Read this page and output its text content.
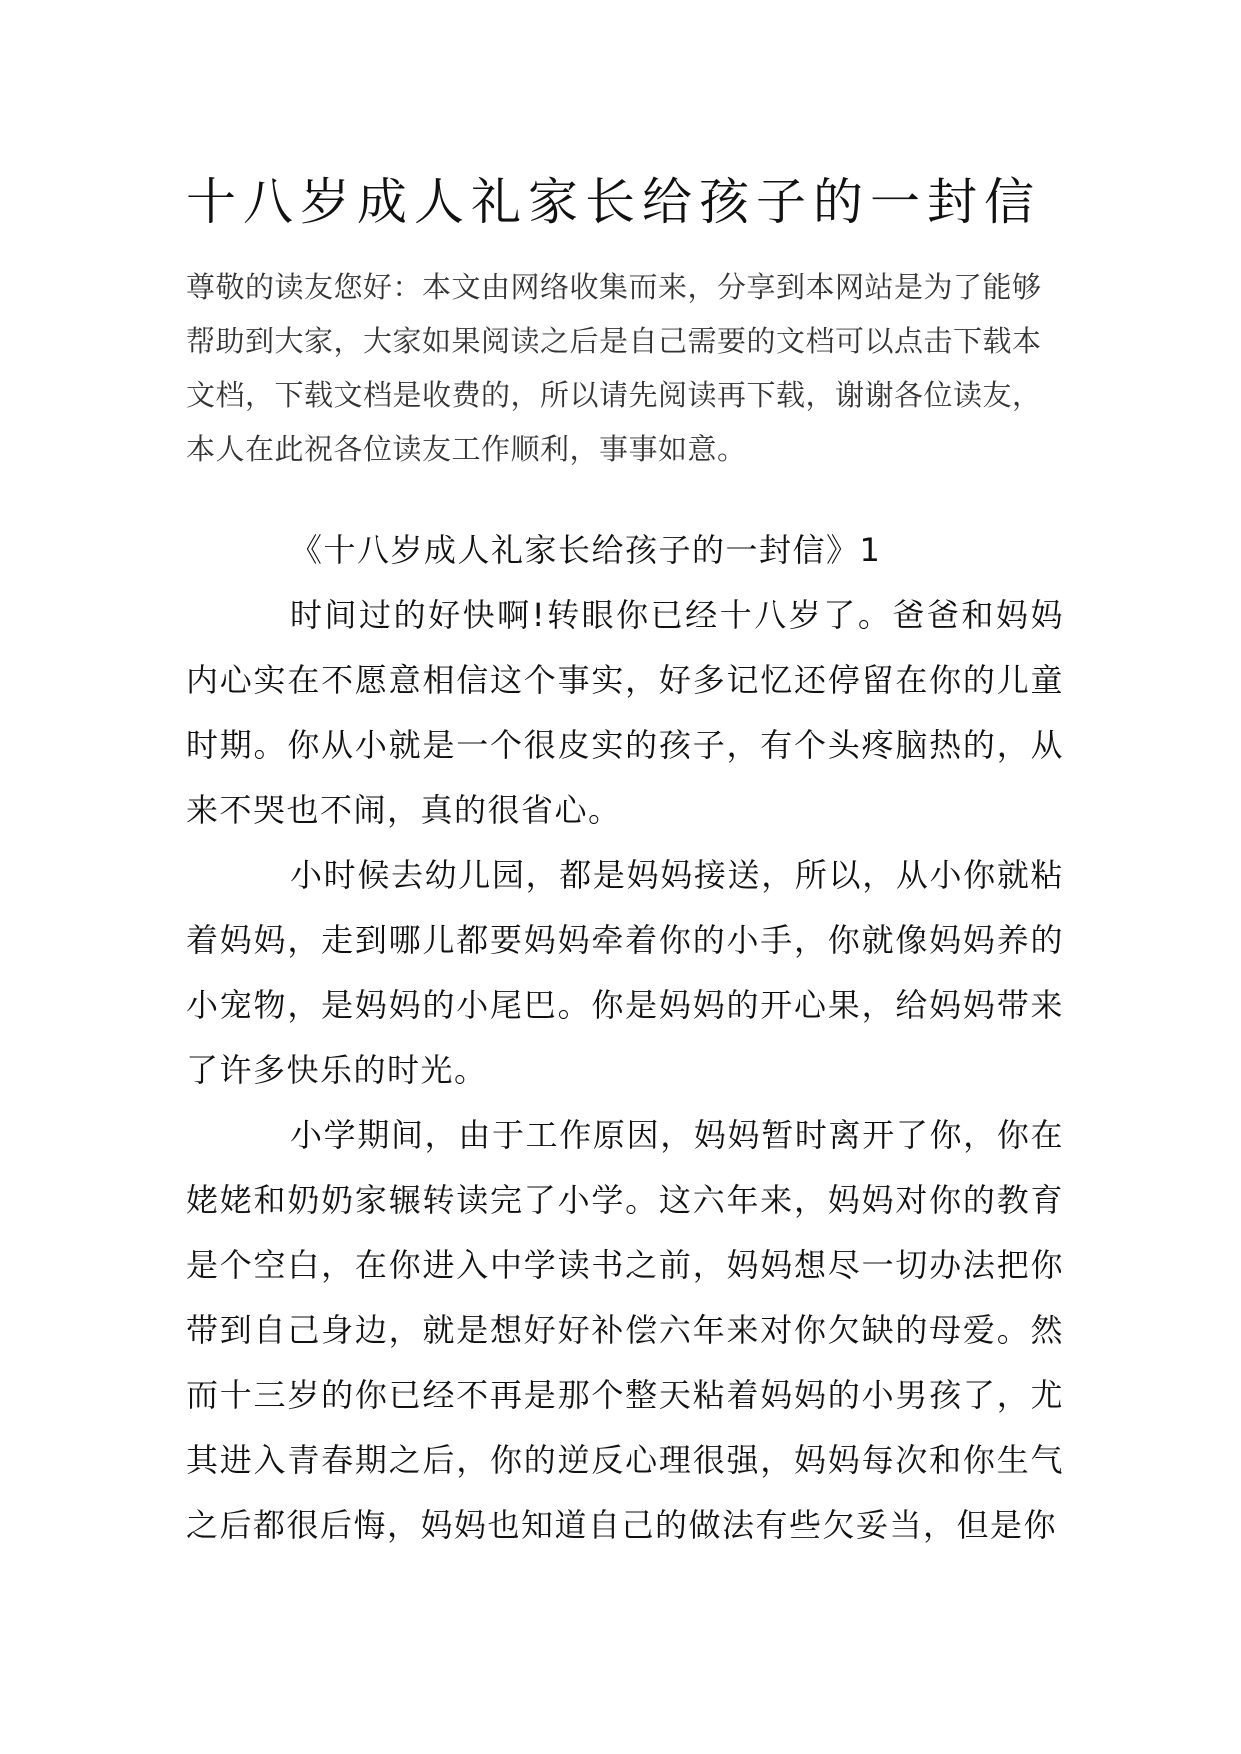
十八岁成人礼家长给孩子的一封信

尊敬的读友您好：本文由网络收集而来，分享到本网站是为了能够帮助到大家，大家如果阅读之后是自己需要的文档可以点击下载本文档，下载文档是收费的，所以请先阅读再下载，谢谢各位读友，本人在此祝各位读友工作顺利，事事如意。

《十八岁成人礼家长给孩子的一封信》1

时间过的好快啊!转眼你已经十八岁了。爸爸和妈妈内心实在不愿意相信这个事实，好多记忆还停留在你的儿童时期。你从小就是一个很皮实的孩子，有个头疼脑热的，从来不哭也不闹，真的很省心。

小时候去幼儿园，都是妈妈接送，所以，从小你就粘着妈妈，走到哪儿都要妈妈牵着你的小手，你就像妈妈养的小宠物，是妈妈的小尾巴。你是妈妈的开心果，给妈妈带来了许多快乐的时光。

小学期间，由于工作原因，妈妈暂时离开了你，你在姥姥和奶奶家辗转读完了小学。这六年来，妈妈对你的教育是个空白，在你进入中学读书之前，妈妈想尽一切办法把你带到自己身边，就是想好好补偿六年来对你欠缺的母爱。然而十三岁的你已经不再是那个整天粘着妈妈的小男孩了，尤其进入青春期之后，你的逆反心理很强，妈妈每次和你生气之后都很后悔，妈妈也知道自己的做法有些欠妥当，但是你
